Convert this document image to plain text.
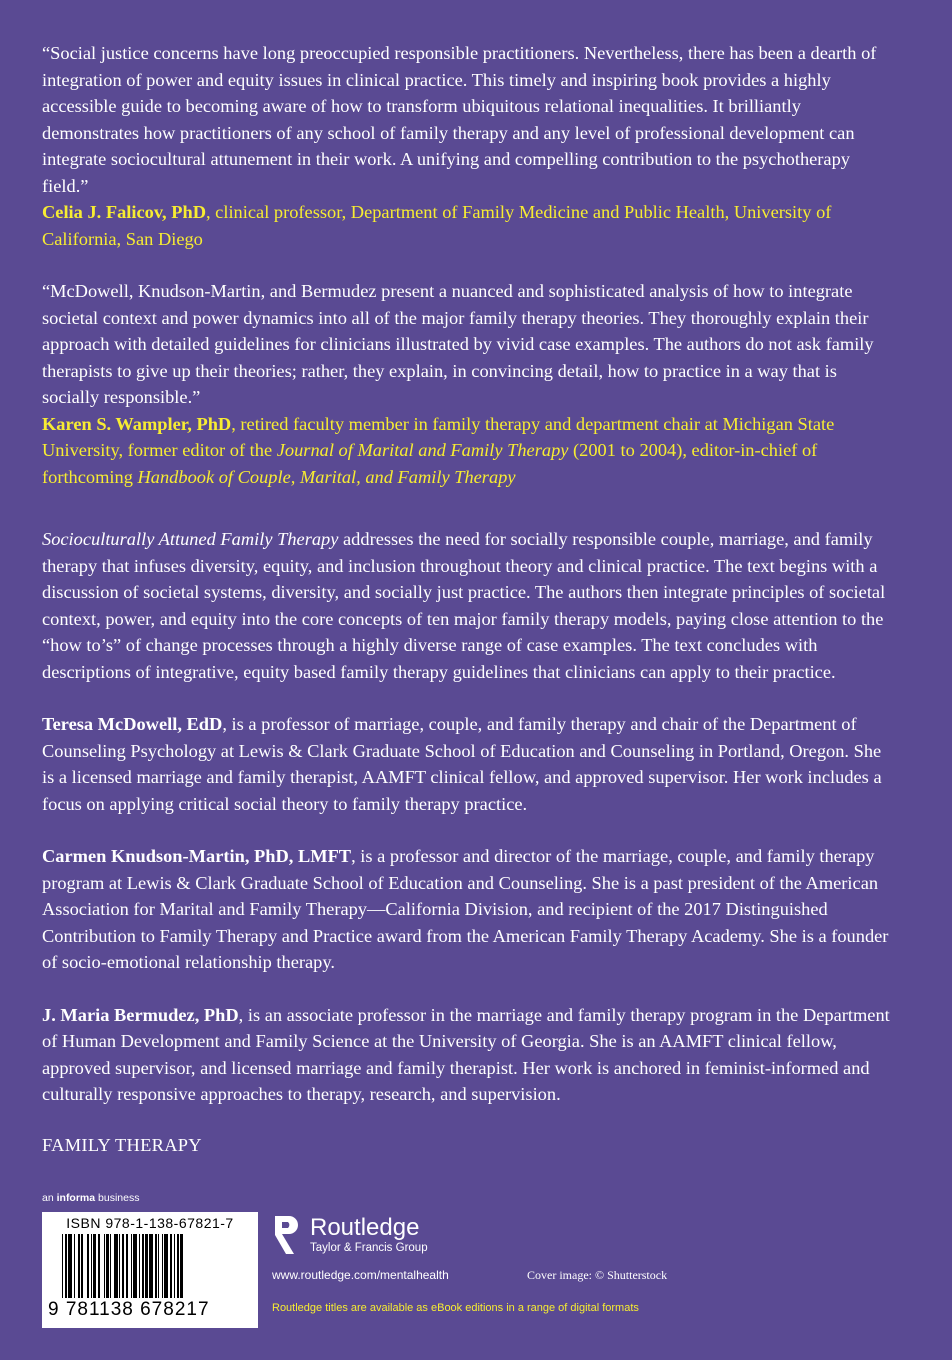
“Social justice concerns have long preoccupied responsible practitioners. Nevertheless, there has been a dearth of integration of power and equity issues in clinical practice. This timely and inspiring book provides a highly accessible guide to becoming aware of how to transform ubiquitous relational inequalities. It brilliantly demonstrates how practitioners of any school of family therapy and any level of professional development can integrate sociocultural attunement in their work. A unifying and compelling contribution to the psychotherapy field.”

Celia J. Falicov, PhD, clinical professor, Department of Family Medicine and Public Health, University of California, San Diego

“McDowell, Knudson-Martin, and Bermudez present a nuanced and sophisticated analysis of how to integrate societal context and power dynamics into all of the major family therapy theories. They thoroughly explain their approach with detailed guidelines for clinicians illustrated by vivid case examples. The authors do not ask family therapists to give up their theories; rather, they explain, in convincing detail, how to practice in a way that is socially responsible.”

Karen S. Wampler, PhD, retired faculty member in family therapy and department chair at Michigan State University, former editor of the Journal of Marital and Family Therapy (2001 to 2004), editor-in-chief of forthcoming Handbook of Couple, Marital, and Family Therapy

Socioculturally Attuned Family Therapy addresses the need for socially responsible couple, marriage, and family therapy that infuses diversity, equity, and inclusion throughout theory and clinical practice. The text begins with a discussion of societal systems, diversity, and socially just practice. The authors then integrate principles of societal context, power, and equity into the core concepts of ten major family therapy models, paying close attention to the “how to’s” of change processes through a highly diverse range of case examples. The text concludes with descriptions of integrative, equity based family therapy guidelines that clinicians can apply to their practice.

Teresa McDowell, EdD, is a professor of marriage, couple, and family therapy and chair of the Department of Counseling Psychology at Lewis & Clark Graduate School of Education and Counseling in Portland, Oregon. She is a licensed marriage and family therapist, AAMFT clinical fellow, and approved supervisor. Her work includes a focus on applying critical social theory to family therapy practice.

Carmen Knudson-Martin, PhD, LMFT, is a professor and director of the marriage, couple, and family therapy program at Lewis & Clark Graduate School of Education and Counseling. She is a past president of the American Association for Marital and Family Therapy—California Division, and recipient of the 2017 Distinguished Contribution to Family Therapy and Practice award from the American Family Therapy Academy. She is a founder of socio-emotional relationship therapy.

J. Maria Bermudez, PhD, is an associate professor in the marriage and family therapy program in the Department of Human Development and Family Science at the University of Georgia. She is an AAMFT clinical fellow, approved supervisor, and licensed marriage and family therapist. Her work is anchored in feminist-informed and culturally responsive approaches to therapy, research, and supervision.

FAMILY THERAPY

an informa business
ISBN 978-1-138-67821-7
9 781138 678217
Routledge
Taylor & Francis Group
www.routledge.com/mentalhealth	Cover image: © Shutterstock
Routledge titles are available as eBook editions in a range of digital formats
